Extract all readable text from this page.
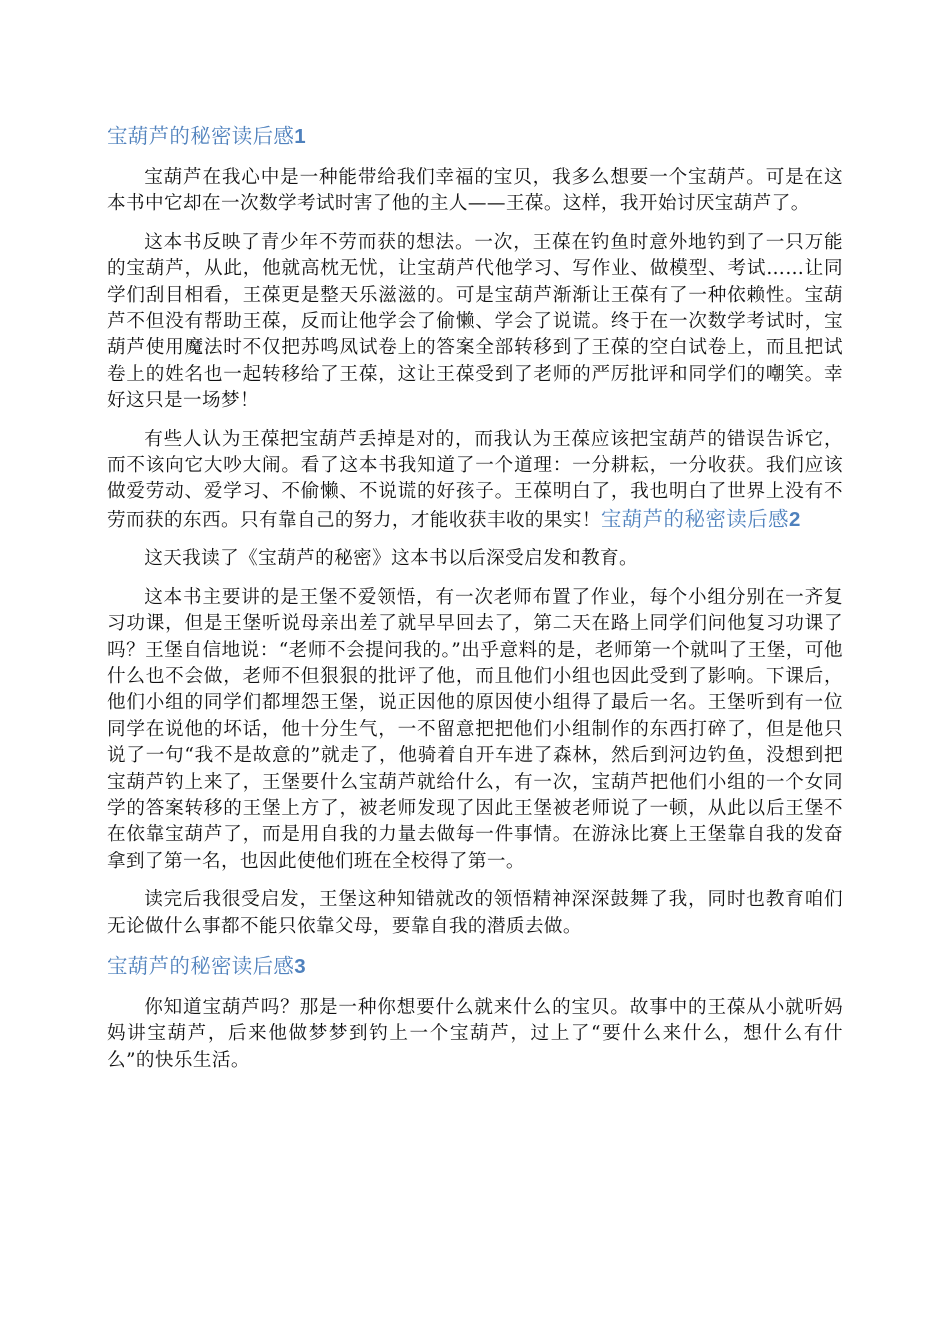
宝葫芦的秘密读后感1

宝葫芦在我心中是一种能带给我们幸福的宝贝，我多么想要一个宝葫芦。可是在这本书中它却在一次数学考试时害了他的主人——王葆。这样，我开始讨厌宝葫芦了。

这本书反映了青少年不劳而获的想法。一次，王葆在钓鱼时意外地钓到了一只万能的宝葫芦，从此，他就高枕无忧，让宝葫芦代他学习、写作业、做模型、考试……让同学们刮目相看，王葆更是整天乐滋滋的。可是宝葫芦渐渐让王葆有了一种依赖性。宝葫芦不但没有帮助王葆，反而让他学会了偷懒、学会了说谎。终于在一次数学考试时，宝葫芦使用魔法时不仅把苏鸣凤试卷上的答案全部转移到了王葆的空白试卷上，而且把试卷上的姓名也一起转移给了王葆，这让王葆受到了老师的严厉批评和同学们的嘲笑。幸好这只是一场梦！

有些人认为王葆把宝葫芦丢掉是对的，而我认为王葆应该把宝葫芦的错误告诉它，而不该向它大吵大闹。看了这本书我知道了一个道理：一分耕耘，一分收获。我们应该做爱劳动、爱学习、不偷懒、不说谎的好孩子。王葆明白了，我也明白了世界上没有不劳而获的东西。只有靠自己的努力，才能收获丰收的果实！宝葫芦的秘密读后感2

这天我读了《宝葫芦的秘密》这本书以后深受启发和教育。

这本书主要讲的是王堡不爱领悟，有一次老师布置了作业，每个小组分别在一齐复习功课，但是王堡听说母亲出差了就早早回去了，第二天在路上同学们问他复习功课了吗？王堡自信地说：“老师不会提问我的。”出乎意料的是，老师第一个就叫了王堡，可他什么也不会做，老师不但狠狠的批评了他，而且他们小组也因此受到了影响。下课后，他们小组的同学们都埋怨王堡，说正因他的原因使小组得了最后一名。王堡听到有一位同学在说他的坏话，他十分生气，一不留意把把他们小组制作的东西打碎了，但是他只说了一句“我不是故意的”就走了，他骑着自开车进了森林，然后到河边钓鱼，没想到把宝葫芦钓上来了，王堡要什么宝葫芦就给什么，有一次，宝葫芦把他们小组的一个女同学的答案转移的王堡上方了，被老师发现了因此王堡被老师说了一顿，从此以后王堡不在依靠宝葫芦了，而是用自我的力量去做每一件事情。在游泳比赛上王堡靠自我的发奋拿到了第一名，也因此使他们班在全校得了第一。

读完后我很受启发，王堡这种知错就改的领悟精神深深鼓舞了我，同时也教育咱们无论做什么事都不能只依靠父母，要靠自我的潜质去做。

宝葫芦的秘密读后感3

你知道宝葫芦吗？那是一种你想要什么就来什么的宝贝。故事中的王葆从小就听妈妈讲宝葫芦，后来他做梦梦到钓上一个宝葫芦，过上了“要什么来什么，想什么有什么”的快乐生活。
